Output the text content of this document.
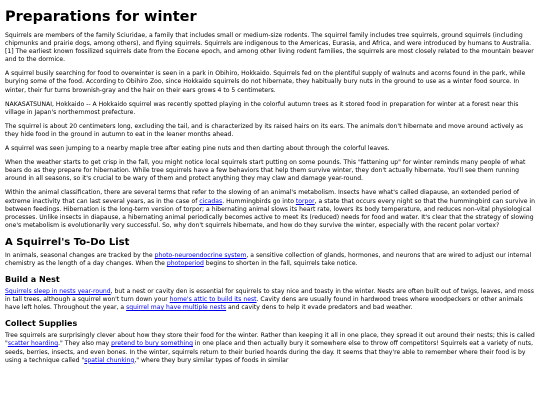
Preparations for winter

Squirrels are members of the family Sciuridae, a family that includes small or medium-size rodents. The squirrel family includes tree squirrels, ground squirrels (including chipmunks and prairie dogs, among others), and flying squirrels. Squirrels are indigenous to the Americas, Eurasia, and Africa, and were introduced by humans to Australia.[1] The earliest known fossilized squirrels date from the Eocene epoch, and among other living rodent families, the squirrels are most closely related to the mountain beaver and to the dormice.

A squirrel busily searching for food to overwinter is seen in a park in Obihiro, Hokkaido. Squirrels fed on the plentiful supply of walnuts and acorns found in the park, while burying some of the food. According to Obihiro Zoo, since Hokkaido squirrels do not hibernate, they habitually bury nuts in the ground to use as a winter food source. In winter, their fur turns brownish-gray and the hair on their ears grows 4 to 5 centimeters.

NAKASATSUNAI, Hokkaido -- A Hokkaido squirrel was recently spotted playing in the colorful autumn trees as it stored food in preparation for winter at a forest near this village in Japan's northernmost prefecture.

The squirrel is about 20 centimeters long, excluding the tail, and is characterized by its raised hairs on its ears. The animals don't hibernate and move around actively as they hide food in the ground in autumn to eat in the leaner months ahead.

A squirrel was seen jumping to a nearby maple tree after eating pine nuts and then darting about through the colorful leaves.

When the weather starts to get crisp in the fall, you might notice local squirrels start putting on some pounds. This "fattening up" for winter reminds many people of what bears do as they prepare for hibernation. While tree squirrels have a few behaviors that help them survive winter, they don't actually hibernate. You'll see them running around in all seasons, so it's crucial to be wary of them and protect anything they may claw and damage year-round.

Within the animal classification, there are several terms that refer to the slowing of an animal's metabolism. Insects have what's called diapause, an extended period of extreme inactivity that can last several years, as in the case of cicadas. Hummingbirds go into torpor, a state that occurs every night so that the hummingbird can survive in between feedings. Hibernation is the long-term version of torpor; a hibernating animal slows its heart rate, lowers its body temperature, and reduces non-vital physiological processes. Unlike insects in diapause, a hibernating animal periodically becomes active to meet its (reduced) needs for food and water. It's clear that the strategy of slowing one's metabolism is evolutionarily very successful. So, why don't squirrels hibernate, and how do they survive the winter, especially with the recent polar vortex?

A Squirrel's To-Do List

In animals, seasonal changes are tracked by the photo-neuroendocrine system, a sensitive collection of glands, hormones, and neurons that are wired to adjust our internal chemistry as the length of a day changes. When the photoperiod begins to shorten in the fall, squirrels take notice.

Build a Nest

Squirrels sleep in nests year-round, but a nest or cavity den is essential for squirrels to stay nice and toasty in the winter. Nests are often built out of twigs, leaves, and moss in tall trees, although a squirrel won't turn down your home's attic to build its nest. Cavity dens are usually found in hardwood trees where woodpeckers or other animals have left holes. Throughout the year, a squirrel may have multiple nests and cavity dens to help it evade predators and bad weather.

Collect Supplies

Tree squirrels are surprisingly clever about how they store their food for the winter. Rather than keeping it all in one place, they spread it out around their nests; this is called "scatter hoarding." They also may pretend to bury something in one place and then actually bury it somewhere else to throw off competitors! Squirrels eat a variety of nuts, seeds, berries, insects, and even bones. In the winter, squirrels return to their buried hoards during the day. It seems that they're able to remember where their food is by using a technique called "spatial chunking," where they bury similar types of foods in similar
